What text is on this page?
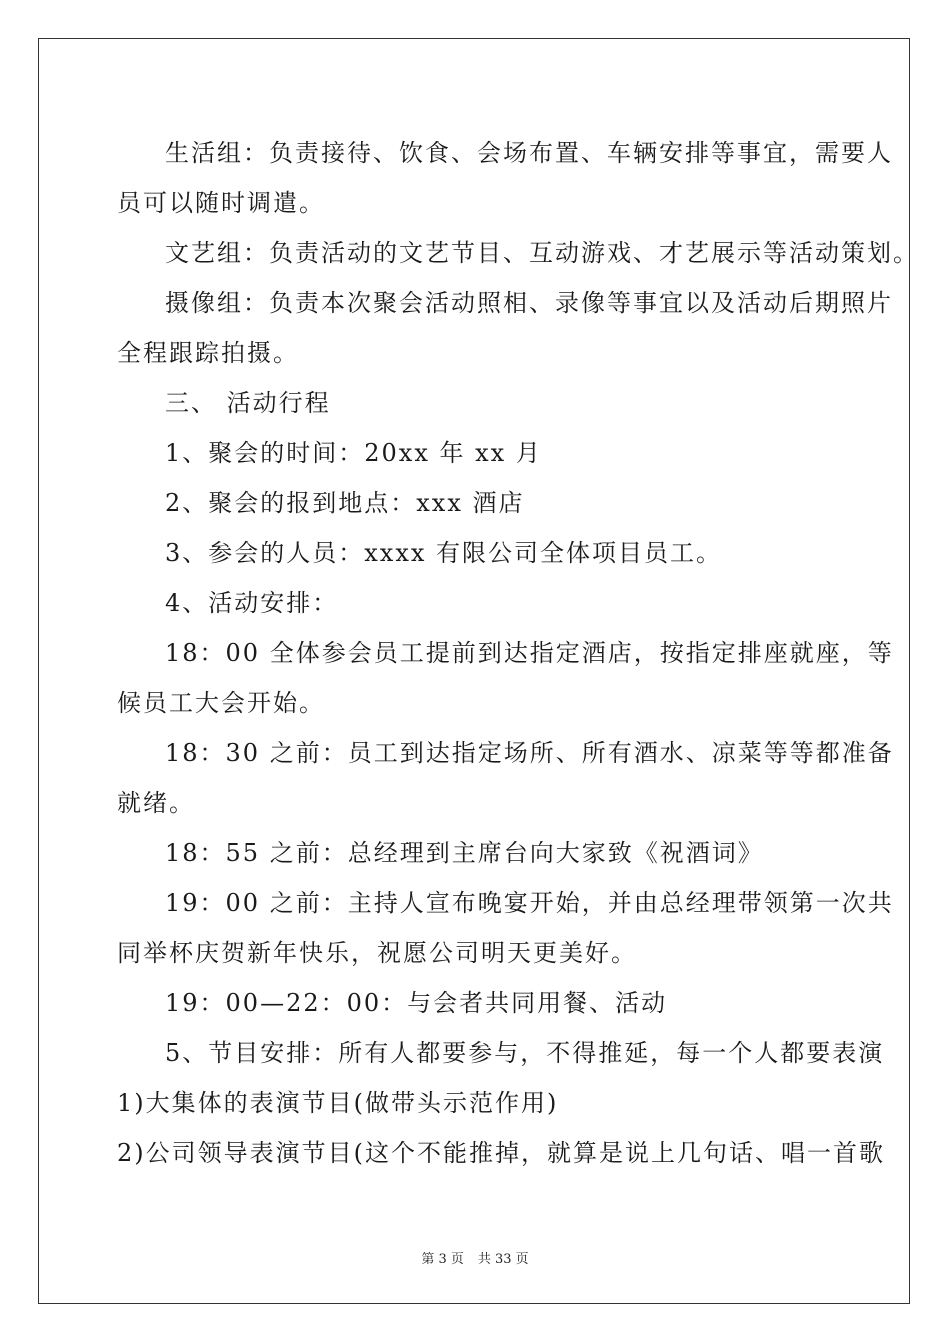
生活组：负责接待、饮食、会场布置、车辆安排等事宜，需要人
员可以随时调遣。
文艺组：负责活动的文艺节目、互动游戏、才艺展示等活动策划。
摄像组：负责本次聚会活动照相、录像等事宜以及活动后期照片
全程跟踪拍摄。
三、 活动行程
1、聚会的时间：20xx 年 xx 月
2、聚会的报到地点：xxx 酒店
3、参会的人员：xxxx 有限公司全体项目员工。
4、活动安排：
18：00 全体参会员工提前到达指定酒店，按指定排座就座，等
候员工大会开始。
18：30 之前：员工到达指定场所、所有酒水、凉菜等等都准备
就绪。
18：55 之前：总经理到主席台向大家致《祝酒词》
19：00 之前：主持人宣布晚宴开始，并由总经理带领第一次共
同举杯庆贺新年快乐，祝愿公司明天更美好。
19：00—22：00：与会者共同用餐、活动
5、节目安排：所有人都要参与，不得推延，每一个人都要表演
1)大集体的表演节目(做带头示范作用)
2)公司领导表演节目(这个不能推掉，就算是说上几句话、唱一首歌
第 3 页 共 33 页
